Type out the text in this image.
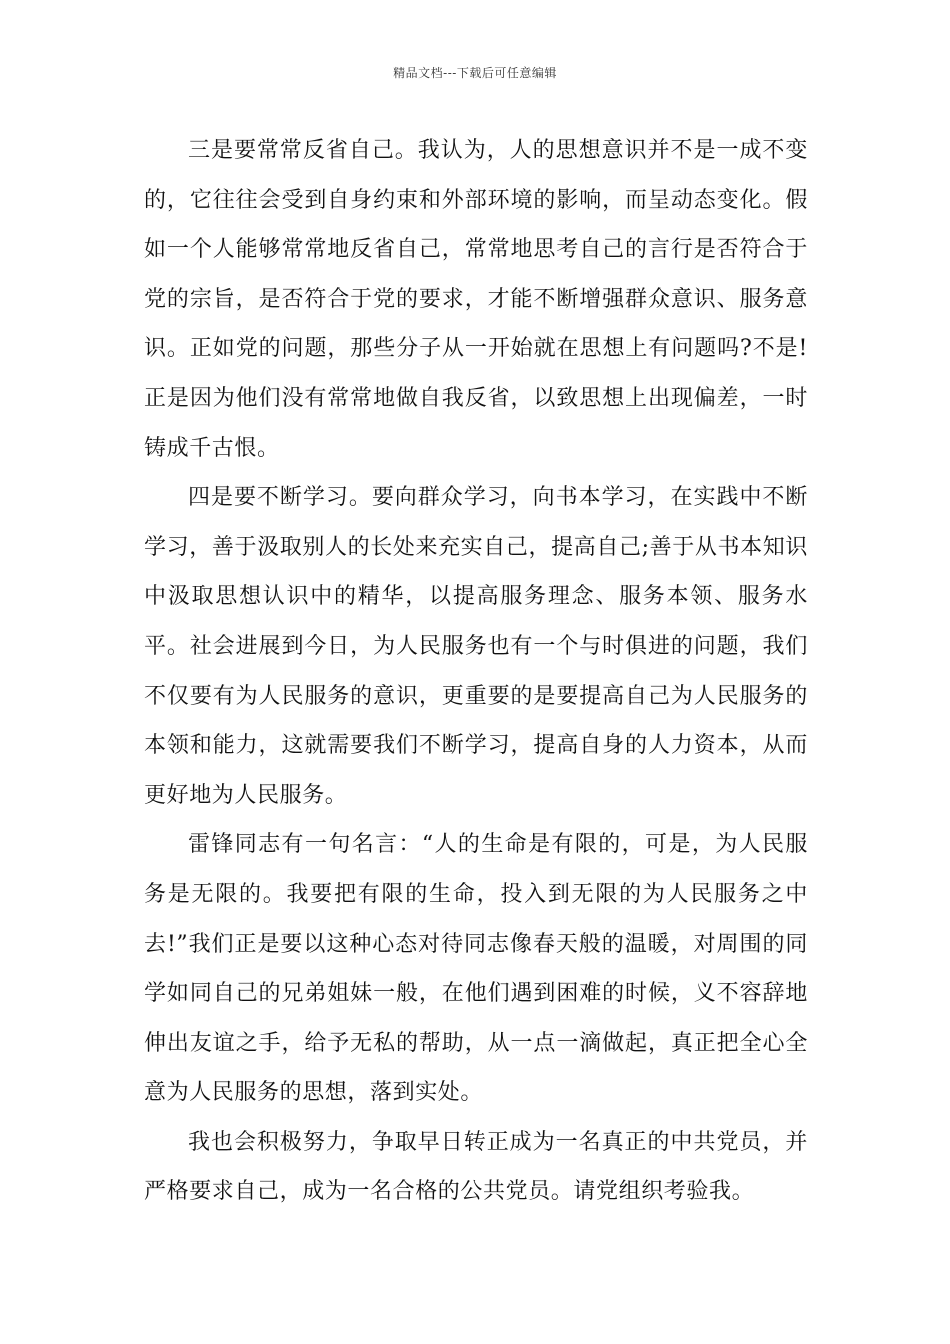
精品文档---下载后可任意编辑

三是要常常反省自己。我认为，人的思想意识并不是一成不变的，它往往会受到自身约束和外部环境的影响，而呈动态变化。假如一个人能够常常地反省自己，常常地思考自己的言行是否符合于党的宗旨，是否符合于党的要求，才能不断增强群众意识、服务意识。正如党的问题，那些分子从一开始就在思想上有问题吗?不是!正是因为他们没有常常地做自我反省，以致思想上出现偏差，一时铸成千古恨。

四是要不断学习。要向群众学习，向书本学习，在实践中不断学习，善于汲取别人的长处来充实自己，提高自己;善于从书本知识中汲取思想认识中的精华，以提高服务理念、服务本领、服务水平。社会进展到今日，为人民服务也有一个与时俱进的问题，我们不仅要有为人民服务的意识，更重要的是要提高自己为人民服务的本领和能力，这就需要我们不断学习，提高自身的人力资本，从而更好地为人民服务。

雷锋同志有一句名言：“人的生命是有限的，可是，为人民服务是无限的。我要把有限的生命，投入到无限的为人民服务之中去!”我们正是要以这种心态对待同志像春天般的温暖，对周围的同学如同自己的兄弟姐妹一般，在他们遇到困难的时候，义不容辞地伸出友谊之手，给予无私的帮助，从一点一滴做起，真正把全心全意为人民服务的思想，落到实处。

我也会积极努力，争取早日转正成为一名真正的中共党员，并严格要求自己，成为一名合格的公共党员。请党组织考验我。
